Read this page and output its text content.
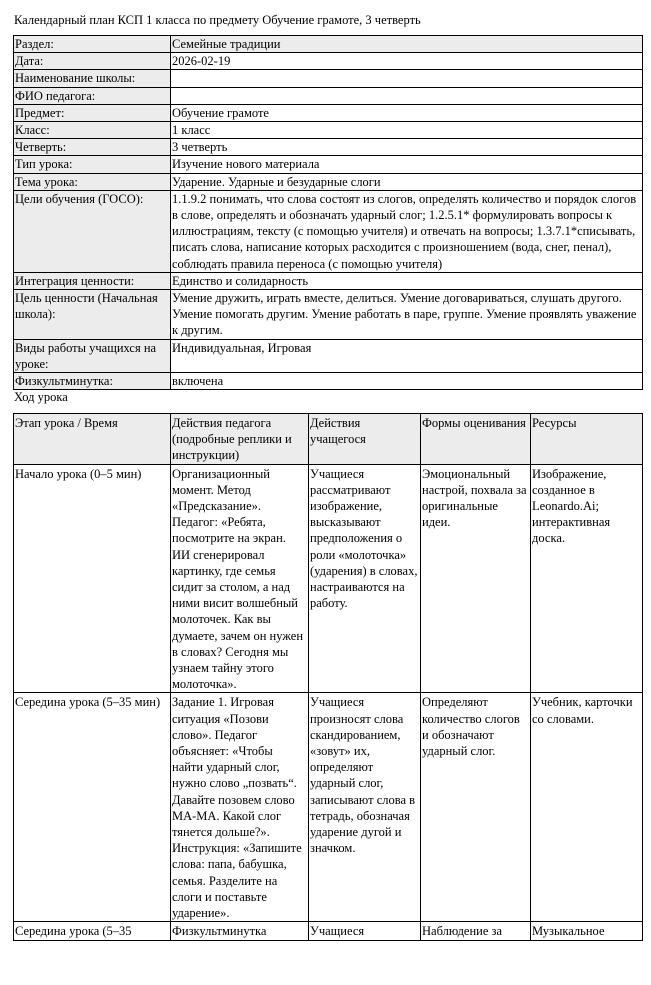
Календарный план КСП 1 класса по предмету Обучение грамоте, 3 четверть
Раздел:	Семейные традиции
Дата:	2026-02-19
Наименование школы:	
ФИО педагога:	
Предмет:	Обучение грамоте
Класс:	1 класс
Четверть:	3 четверть
Тип урока:	Изучение нового материала
Тема урока:	Ударение. Ударные и безударные слоги
Цели обучения (ГОСО):	1.1.9.2 понимать, что слова состоят из слогов, определять количество и порядок слогов в слове, определять и обозначать ударный слог; 1.2.5.1* формулировать вопросы к иллюстрациям, тексту (с помощью учителя) и отвечать на вопросы; 1.3.7.1*списывать, писать слова, написание которых расходится с произношением (вода, снег, пенал), соблюдать правила переноса (с помощью учителя)
Интеграция ценности:	Единство и солидарность
Цель ценности (Начальная школа):	Умение дружить, играть вместе, делиться. Умение договариваться, слушать другого. Умение помогать другим. Умение работать в паре, группе. Умение проявлять уважение к другим.
Виды работы учащихся на уроке:	Индивидуальная, Игровая
Физкультминутка:	включена
Ход урока
Этап урока / Время	Действия педагога (подробные реплики и инструкции)	Действия учащегося	Формы оценивания	Ресурсы
Начало урока (0–5 мин)	Организационный момент. Метод «Предсказание». Педагог: «Ребята, посмотрите на экран. ИИ сгенерировал картинку, где семья сидит за столом, а над ними висит волшебный молоточек. Как вы думаете, зачем он нужен в словах? Сегодня мы узнаем тайну этого молоточка».	Учащиеся рассматривают изображение, высказывают предположения о роли «молоточка» (ударения) в словах, настраиваются на работу.	Эмоциональный настрой, похвала за оригинальные идеи.	Изображение, созданное в Leonardo.Ai; интерактивная доска.
Середина урока (5–35 мин)	Задание 1. Игровая ситуация «Позови слово». Педагог объясняет: «Чтобы найти ударный слог, нужно слово „позвать“. Давайте позовем слово МА-МА. Какой слог тянется дольше?». Инструкция: «Запишите слова: папа, бабушка, семья. Разделите на слоги и поставьте ударение».	Учащиеся произносят слова скандированием, «зовут» их, определяют ударный слог, записывают слова в тетрадь, обозначая ударение дугой и значком.	Определяют количество слогов и обозначают ударный слог.	Учебник, карточки со словами.
Середина урока (5–35	Физкультминутка	Учащиеся	Наблюдение за	Музыкальное
